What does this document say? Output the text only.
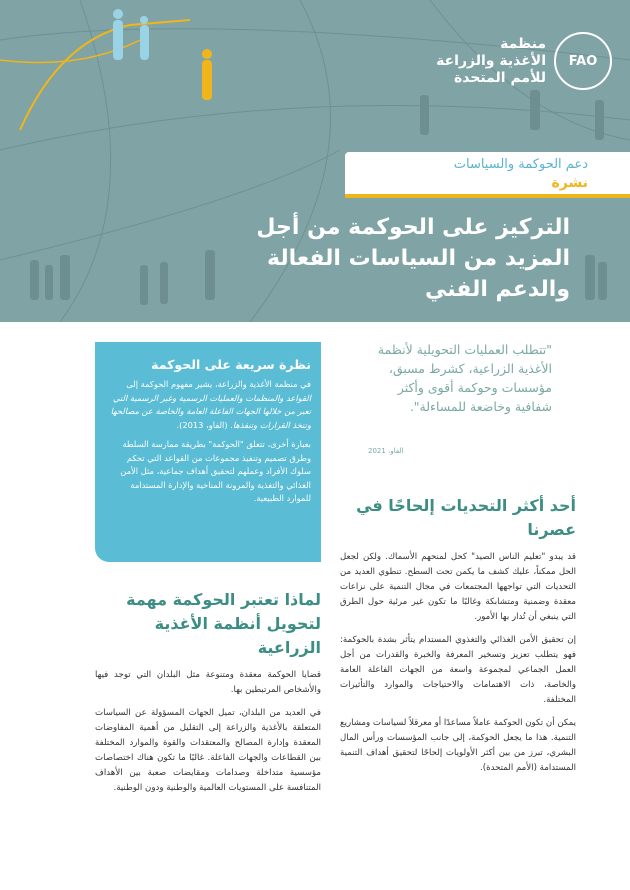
FAO
منظمة
الأغذية والزراعة
للأمم المتحدة
دعم الحوكمة والسياسات
نشرة
التركيز على الحوكمة من أجل المزيد من السياسات الفعالة والدعم الفني
"تتطلب العمليات التحويلية لأنظمة الأغذية الزراعية، كشرط مسبق، مؤسسات وحوكمة أقوى وأكثر شفافية وخاضعة للمساءلة".
الفاو، 2021
نظرة سريعة على الحوكمة

في منظمة الأغذية والزراعة، يشير مفهوم الحوكمة إلى القواعد والمنظمات والعمليات الرسمية وغير الرسمية التي تعبر من خلالها الجهات الفاعلة العامة والخاصة عن مصالحها وتتخذ القرارات وتنفذها. (الفاو، 2013).

بعبارة أخرى، تتعلق "الحوكمة" بطريقة ممارسة السلطة وطرق تصميم وتنفيذ مجموعات من القواعد التي تحكم سلوك الأفراد وعملهم لتحقيق أهداف جماعية، مثل الأمن الغذائي والتغذية والمرونة المناخية والإدارة المستدامة للموارد الطبيعية.	أحد أكثر التحديات إلحاحًا في عصرنا

قد يبدو "تعليم الناس الصيد" كحل لمنحهم الأسماك. ولكن لجعل الحل ممكناً، عليك كشف ما يكمن تحت السطح. تنطوي العديد من التحديات التي تواجهها المجتمعات في مجال التنمية على نزاعات معقدة وضمنية ومتشابكة وغالبًا ما تكون غير مرئية حول الطرق التي ينبغي أن تُدار بها الأمور.

إن تحقيق الأمن الغذائي والتغذوي المستدام يتأثر بشدة بالحوكمة: فهو يتطلب تعزيز وتسخير المعرفة والخبرة والقدرات من أجل العمل الجماعي لمجموعة واسعة من الجهات الفاعلة العامة والخاصة، ذات الاهتمامات والاحتياجات والموارد والتأثيرات المختلفة.

يمكن أن تكون الحوكمة عاملاً مساعدًا أو معرقلاً لسياسات ومشاريع التنمية. هذا ما يجعل الحوكمة، إلى جانب المؤسسات ورأس المال البشري، تبرز من بين أكثر الأولويات إلحاحًا لتحقيق أهداف التنمية المستدامة (الأمم المتحدة).

لماذا تعتبر الحوكمة مهمة لتحويل أنظمة الأغذية الزراعية

قضايا الحوكمة معقدة ومتنوعة مثل البلدان التي توجد فيها والأشخاص المرتبطين بها.

في العديد من البلدان، تميل الجهات المسؤولة عن السياسات المتعلقة بالأغذية والزراعة إلى التقليل من أهمية المفاوضات المعقدة وإدارة المصالح والمعتقدات والقوة والموارد المختلفة بين القطاعات والجهات الفاعلة. غالبًا ما تكون هناك اختصاصات مؤسسية متداخلة وصدامات ومقايضات صعبة بين الأهداف المتنافسة على المستويات العالمية والوطنية ودون الوطنية.
